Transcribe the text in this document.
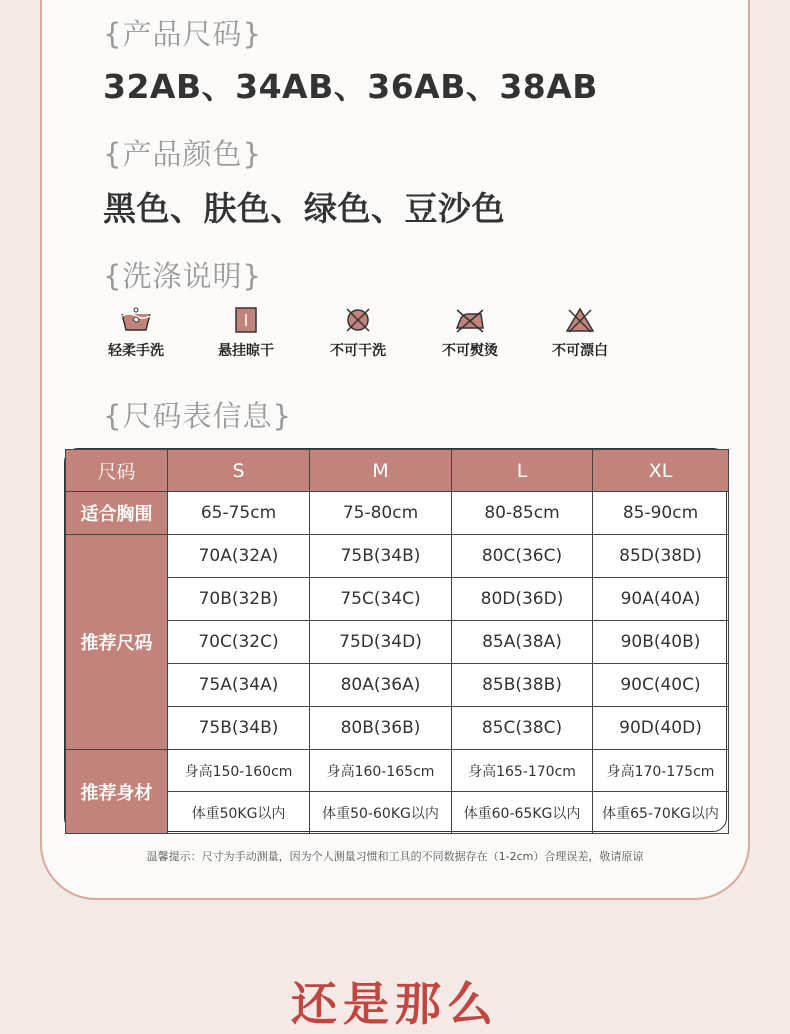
{产品尺码}
32AB、34AB、36AB、38AB
{产品颜色}
黑色、肤色、绿色、豆沙色
{洗涤说明}
轻柔手洗	悬挂晾干	不可干洗	不可熨烫	不可漂白
{尺码表信息}
尺码	S	M	L	XL
适合胸围	65-75cm	75-80cm	80-85cm	85-90cm
推荐尺码	70A(32A)	75B(34B)	80C(36C)	85D(38D)
	70B(32B)	75C(34C)	80D(36D)	90A(40A)
	70C(32C)	75D(34D)	85A(38A)	90B(40B)
	75A(34A)	80A(36A)	85B(38B)	90C(40C)
	75B(34B)	80B(36B)	85C(38C)	90D(40D)
推荐身材	身高150-160cm	身高160-165cm	身高165-170cm	身高170-175cm
	体重50KG以内	体重50-60KG以内	体重60-65KG以内	体重65-70KG以内
温馨提示：尺寸为手动测量，因为个人测量习惯和工具的不同数据存在（1-2cm）合理误差，敬请原谅
还是那么
